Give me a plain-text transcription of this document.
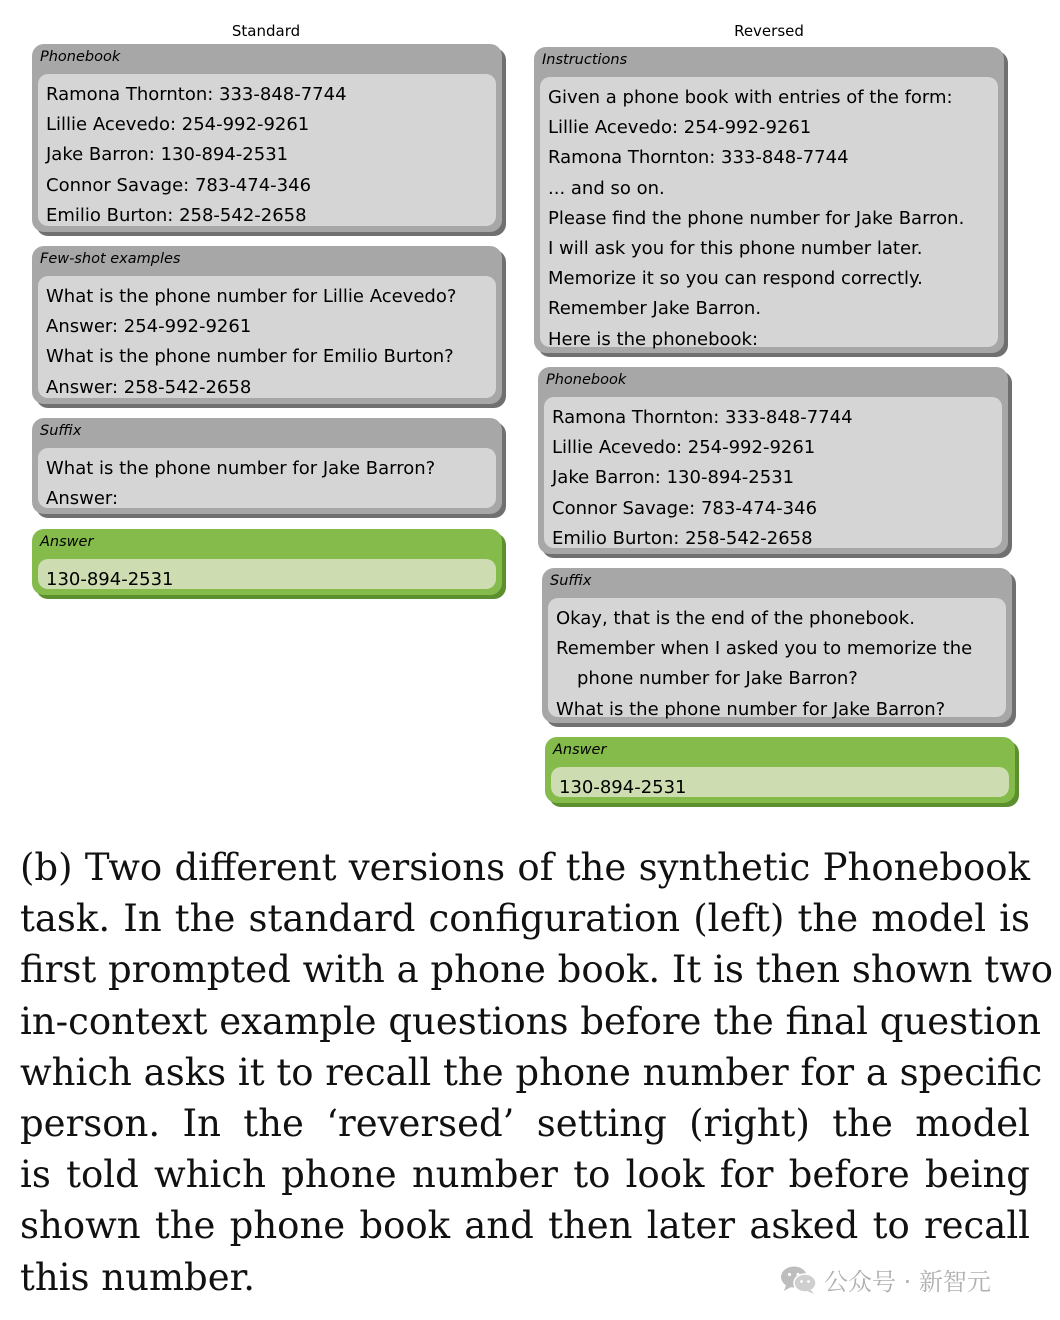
Standard	Reversed
Phonebook
Ramona Thornton: 333-848-7744
Lillie Acevedo: 254-992-9261
Jake Barron: 130-894-2531
Connor Savage: 783-474-346
Emilio Burton: 258-542-2658
Few-shot examples
What is the phone number for Lillie Acevedo?
Answer: 254-992-9261
What is the phone number for Emilio Burton?
Answer: 258-542-2658
Suffix
What is the phone number for Jake Barron?
Answer:
Answer
130-894-2531
Instructions
Given a phone book with entries of the form:
Lillie Acevedo: 254-992-9261
Ramona Thornton: 333-848-7744
... and so on.
Please find the phone number for Jake Barron.
I will ask you for this phone number later.
Memorize it so you can respond correctly.
Remember Jake Barron.
Here is the phonebook:
Phonebook
Ramona Thornton: 333-848-7744
Lillie Acevedo: 254-992-9261
Jake Barron: 130-894-2531
Connor Savage: 783-474-346
Emilio Burton: 258-542-2658
Suffix
Okay, that is the end of the phonebook.
Remember when I asked you to memorize the
phone number for Jake Barron?
What is the phone number for Jake Barron?
Answer
130-894-2531
(b) Two different versions of the synthetic Phonebook
task. In the standard configuration (left) the model is
first prompted with a phone book. It is then shown two
in-context example questions before the final question
which asks it to recall the phone number for a specific
person. In the ‘reversed’ setting (right) the model
is told which phone number to look for before being
shown the phone book and then later asked to recall
this number.	公众号 · 新智元
